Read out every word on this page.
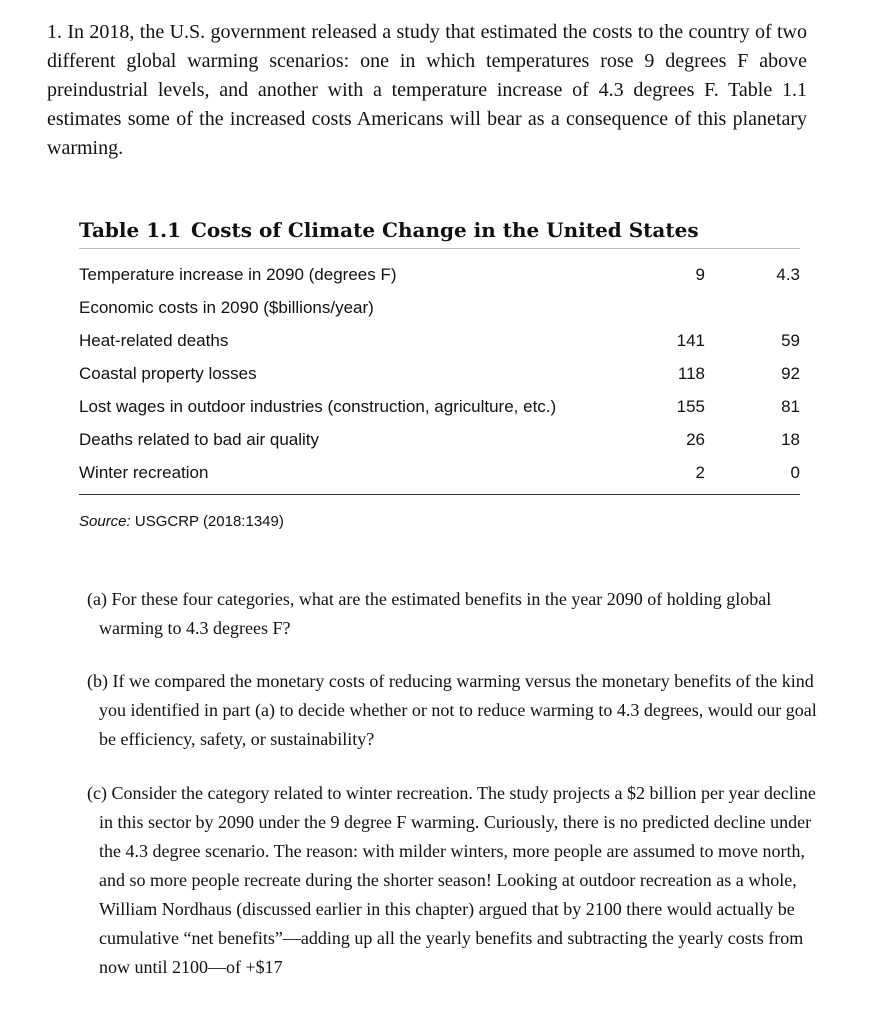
1. In 2018, the U.S. government released a study that estimated the costs to the country of two different global warming scenarios: one in which temperatures rose 9 degrees F above preindustrial levels, and another with a temperature increase of 4.3 degrees F. Table 1.1 estimates some of the increased costs Americans will bear as a consequence of this planetary warming.

Table 1.1 Costs of Climate Change in the United States
Temperature increase in 2090 (degrees F)	9	4.3
Economic costs in 2090 ($billions/year)		
Heat-related deaths	141	59
Coastal property losses	118	92
Lost wages in outdoor industries (construction, agriculture, etc.)	155	81
Deaths related to bad air quality	26	18
Winter recreation	2	0
Source: USGCRP (2018:1349)

(a) For these four categories, what are the estimated benefits in the year 2090 of holding global warming to 4.3 degrees F?

(b) If we compared the monetary costs of reducing warming versus the monetary benefits of the kind you identified in part (a) to decide whether or not to reduce warming to 4.3 degrees, would our goal be efficiency, safety, or sustainability?

(c) Consider the category related to winter recreation. The study projects a $2 billion per year decline in this sector by 2090 under the 9 degree F warming. Curiously, there is no predicted decline under the 4.3 degree scenario. The reason: with milder winters, more people are assumed to move north, and so more people recreate during the shorter season! Looking at outdoor recreation as a whole, William Nordhaus (discussed earlier in this chapter) argued that by 2100 there would actually be cumulative “net benefits”—adding up all the yearly benefits and subtracting the yearly costs from now until 2100—of +$17
